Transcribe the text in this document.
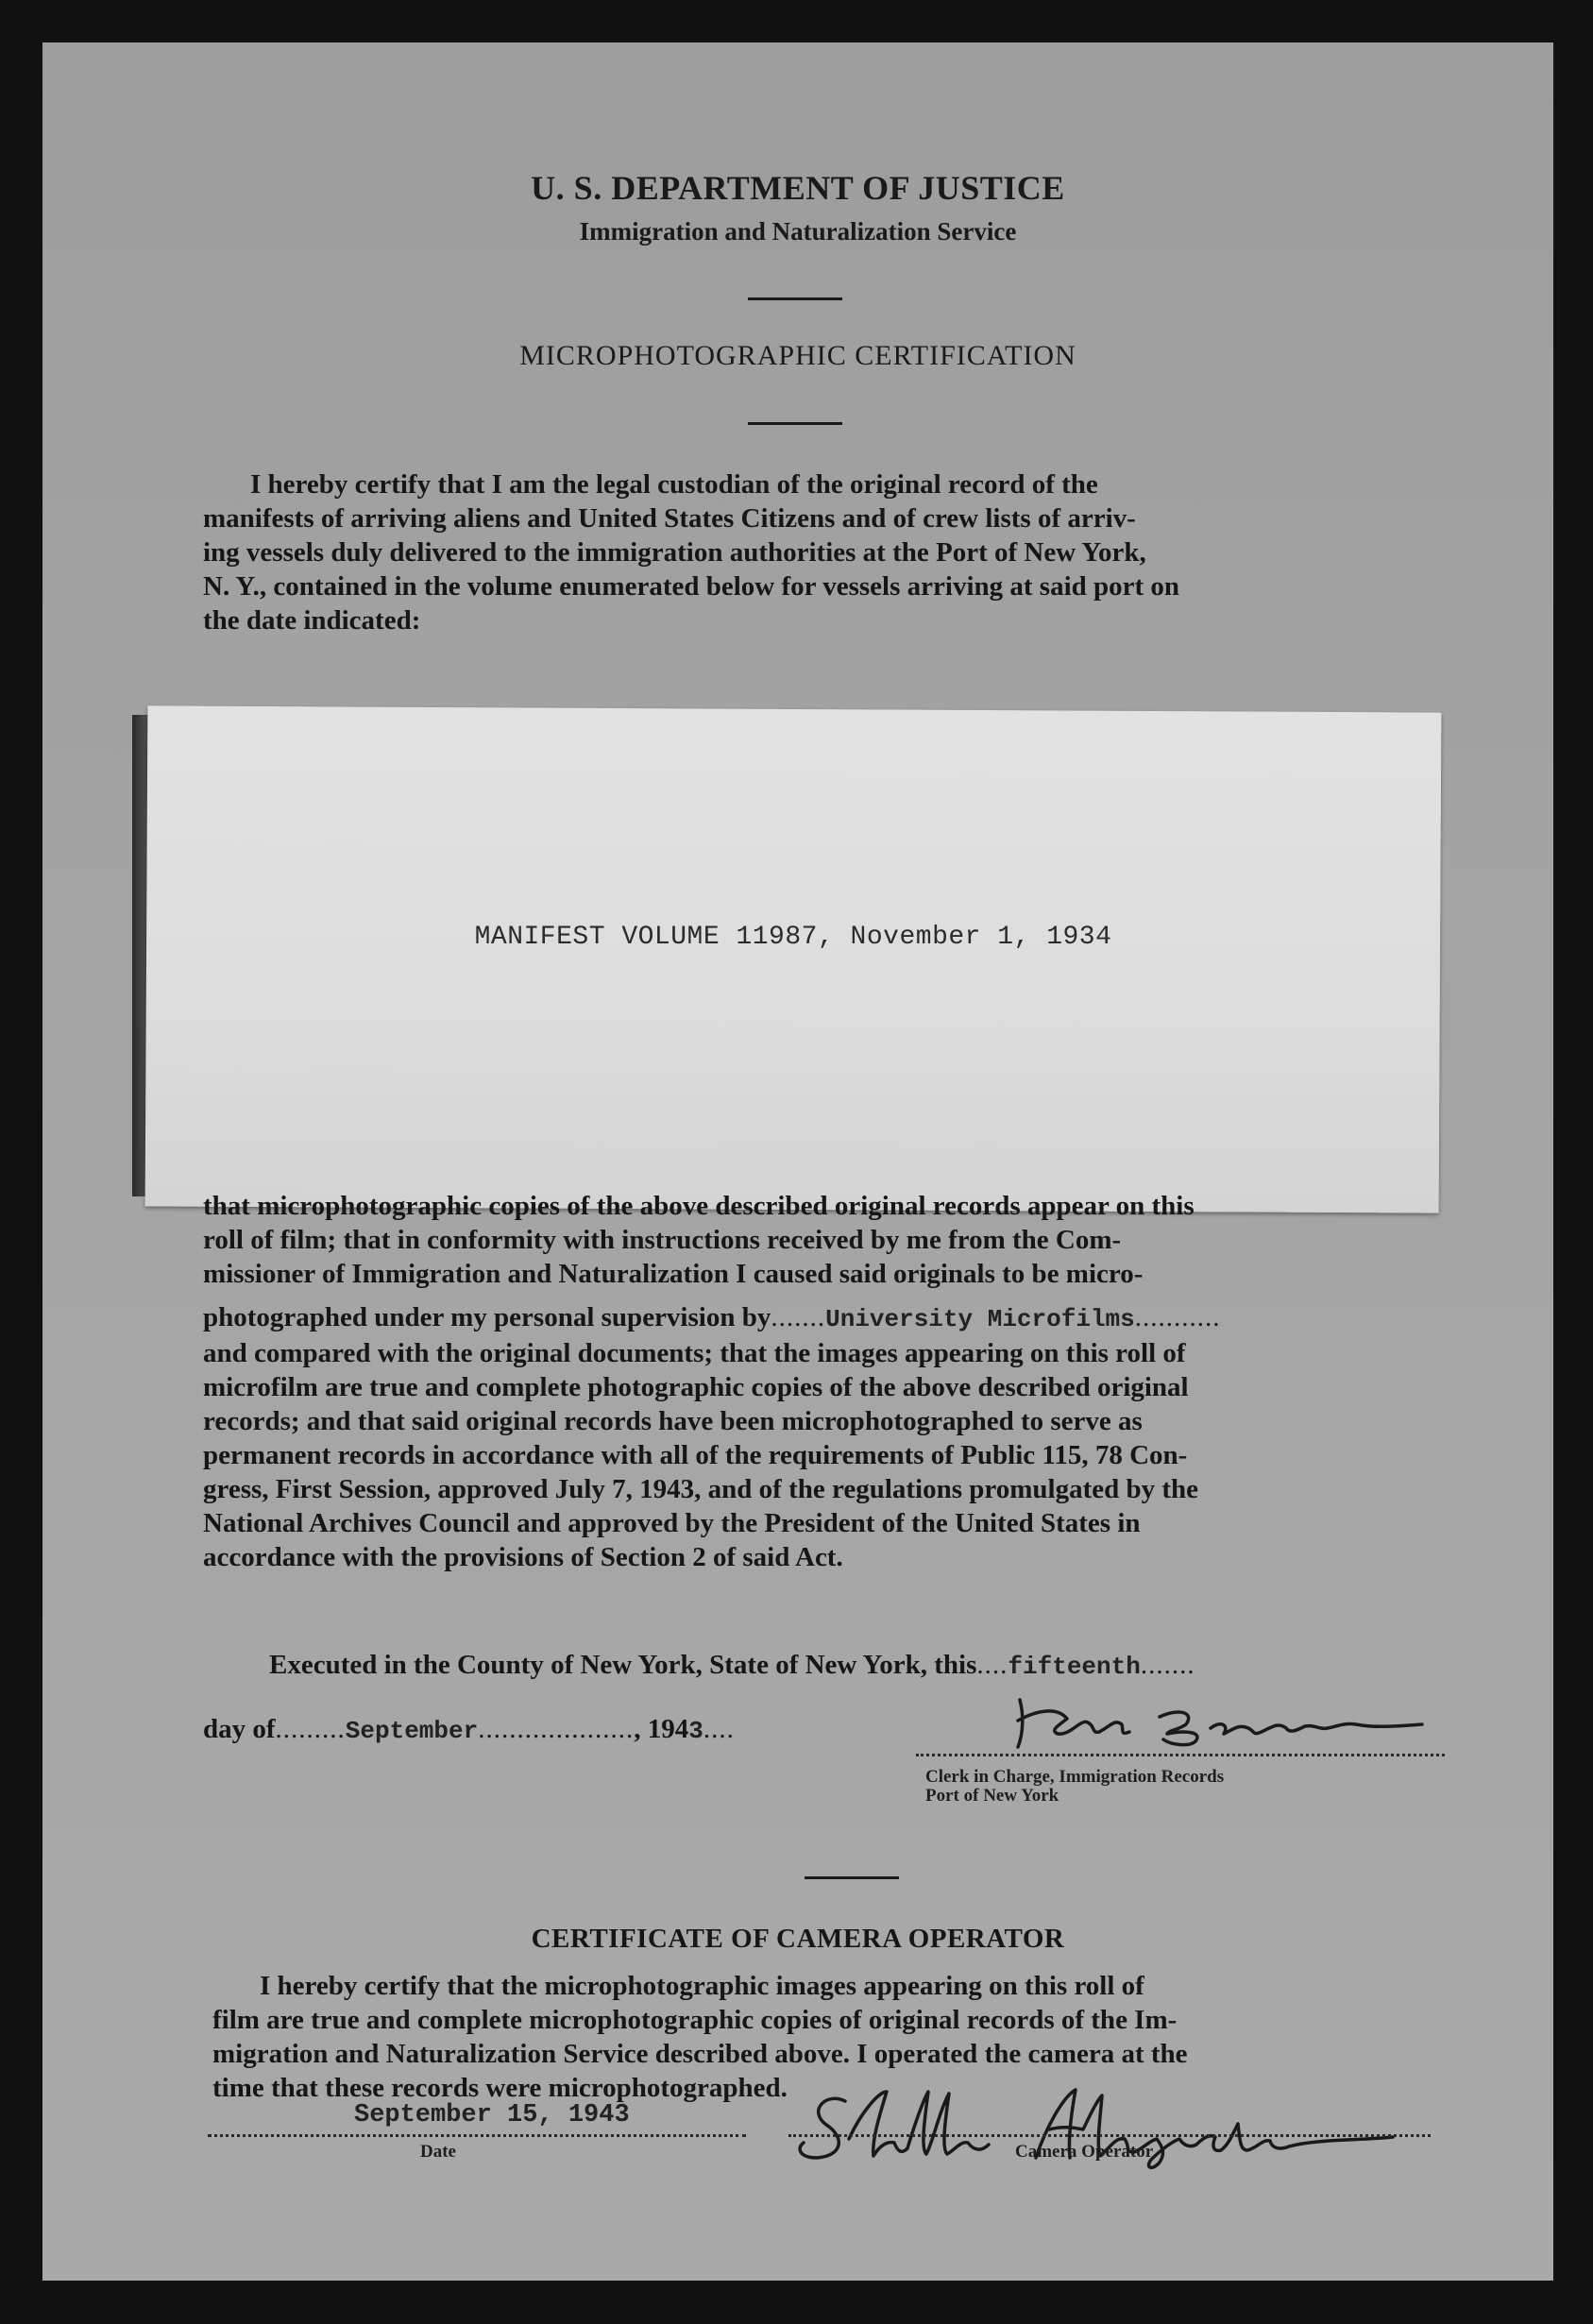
U. S. DEPARTMENT OF JUSTICE
Immigration and Naturalization Service
MICROPHOTOGRAPHIC CERTIFICATION

I hereby certify that I am the legal custodian of the original record of the

manifests of arriving aliens and United States Citizens and of crew lists of arriv-

ing vessels duly delivered to the immigration authorities at the Port of New York,

N. Y., contained in the volume enumerated below for vessels arriving at said port on

the date indicated:

MANIFEST VOLUME 11987, November 1, 1934

that microphotographic copies of the above described original records appear on this

roll of film; that in conformity with instructions received by me from the Com-

missioner of Immigration and Naturalization I caused said originals to be micro-

photographed under my personal supervision by.......University Microfilms...........

and compared with the original documents; that the images appearing on this roll of

microfilm are true and complete photographic copies of the above described original

records; and that said original records have been microphotographed to serve as

permanent records in accordance with all of the requirements of Public 115, 78 Con-

gress, First Session, approved July 7, 1943, and of the regulations promulgated by the

National Archives Council and approved by the President of the United States in

accordance with the provisions of Section 2 of said Act.

Executed in the County of New York, State of New York, this....fifteenth.......
day of.........September...................., 1943....
Clerk in Charge, Immigration Records
Port of New York
CERTIFICATE OF CAMERA OPERATOR

I hereby certify that the microphotographic images appearing on this roll of

film are true and complete microphotographic copies of original records of the Im-

migration and Naturalization Service described above. I operated the camera at the

time that these records were microphotographed.

September 15, 1943
Date	Camera Operator
